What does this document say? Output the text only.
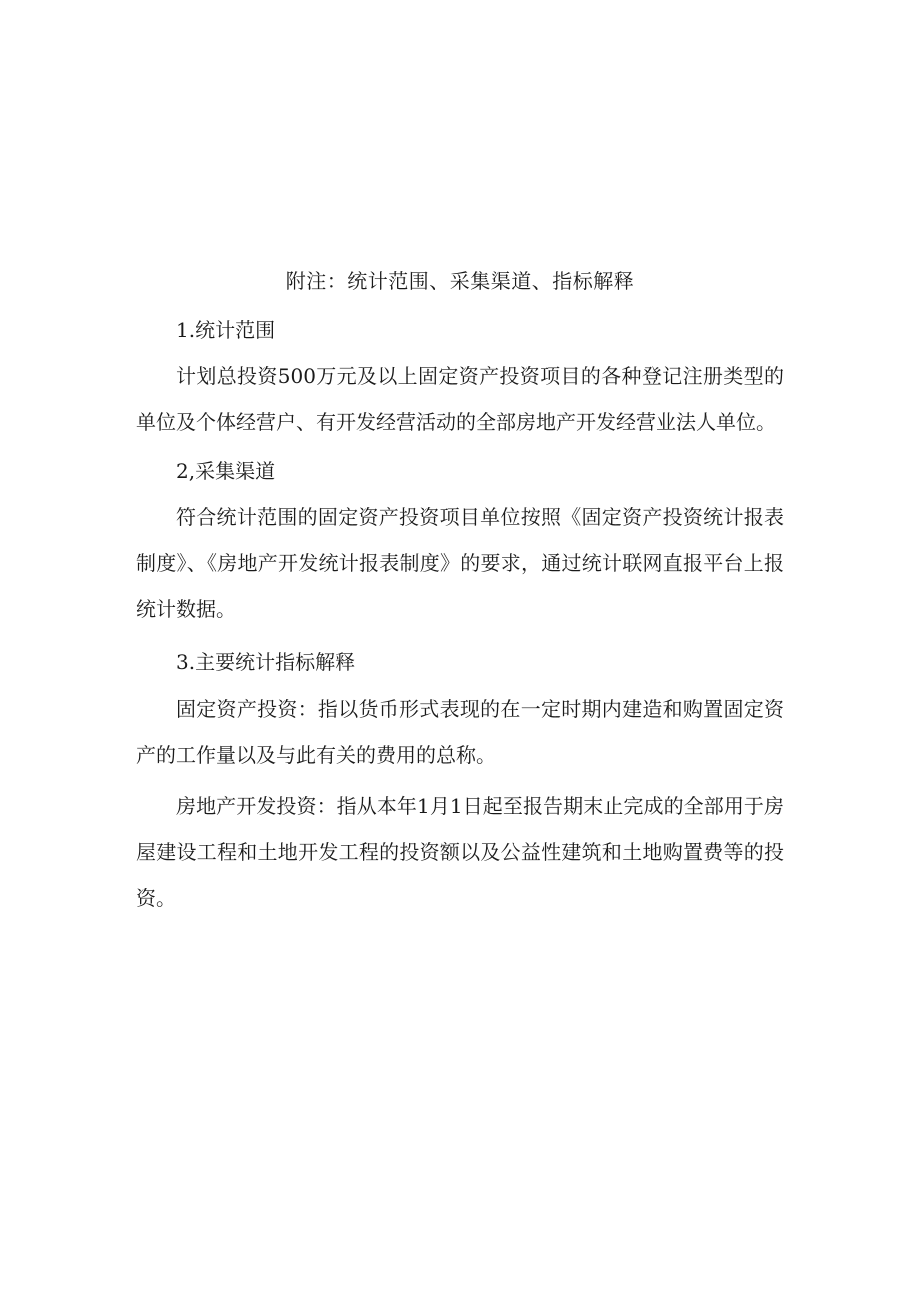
附注：统计范围、采集渠道、指标解释
1.统计范围
计划总投资500万元及以上固定资产投资项目的各种登记注册类型的单位及个体经营户、有开发经营活动的全部房地产开发经营业法人单位。
2,采集渠道
符合统计范围的固定资产投资项目单位按照《固定资产投资统计报表制度》、《房地产开发统计报表制度》的要求，通过统计联网直报平台上报统计数据。
3.主要统计指标解释
固定资产投资：指以货币形式表现的在一定时期内建造和购置固定资产的工作量以及与此有关的费用的总称。
房地产开发投资：指从本年1月1日起至报告期末止完成的全部用于房屋建设工程和土地开发工程的投资额以及公益性建筑和土地购置费等的投资。
